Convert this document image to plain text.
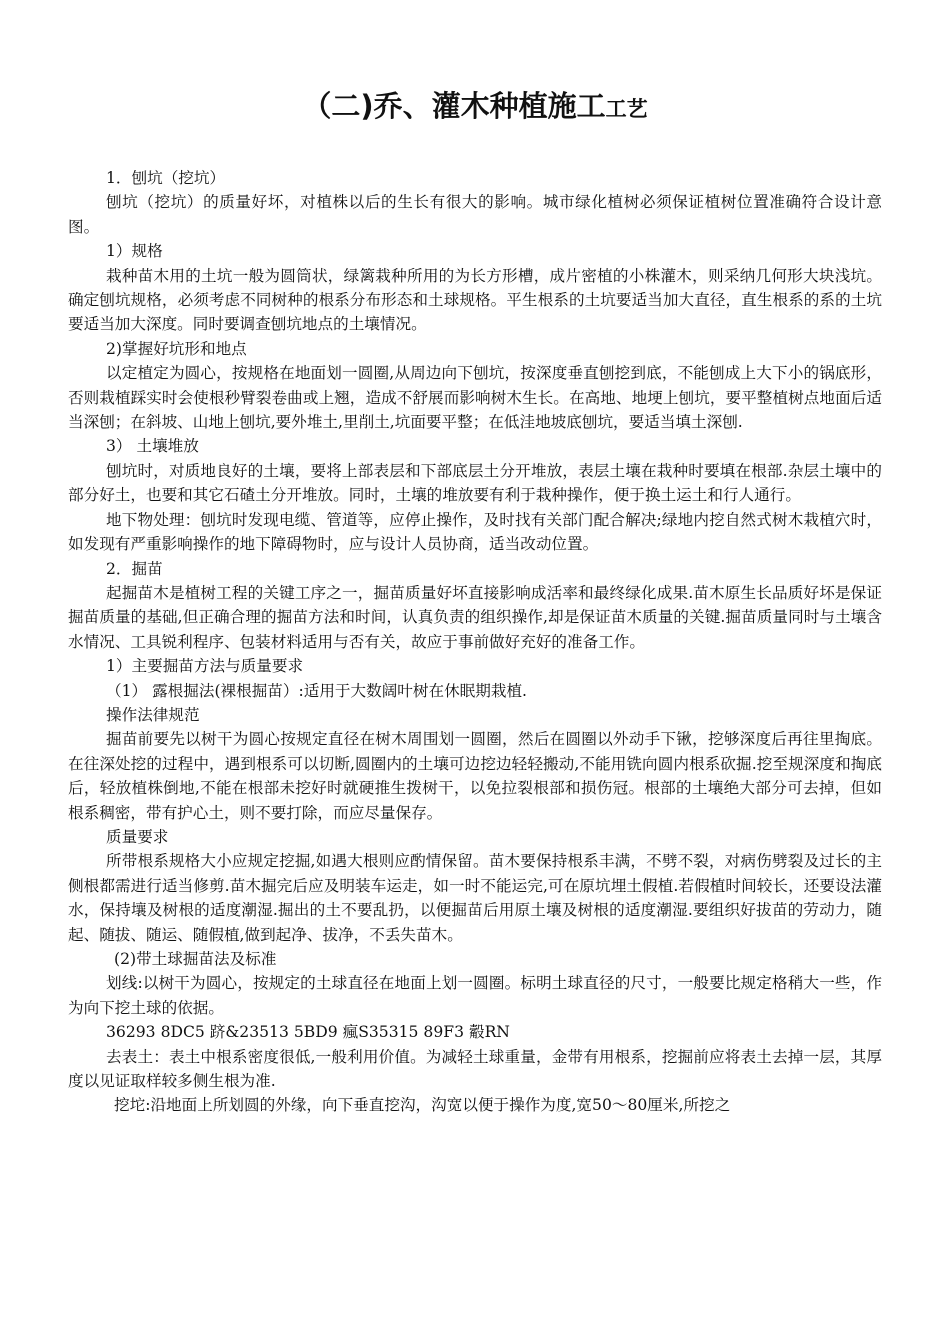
（二)乔、灌木种植施工工艺

1．刨坑（挖坑）

刨坑（挖坑）的质量好坏，对植株以后的生长有很大的影响。城市绿化植树必须保证植树位置准确符合设计意图。

1）规格

栽种苗木用的土坑一般为圆筒状，绿篱栽种所用的为长方形槽，成片密植的小株灌木，则采纳几何形大块浅坑。确定刨坑规格，必须考虑不同树种的根系分布形态和土球规格。平生根系的土坑要适当加大直径，直生根系的系的土坑要适当加大深度。同时要调查刨坑地点的土壤情况。

2)掌握好坑形和地点

以定植定为圆心，按规格在地面划一圆圈,从周边向下刨坑，按深度垂直刨挖到底，不能刨成上大下小的锅底形，否则栽植踩实时会使根秒臂裂卷曲或上翘，造成不舒展而影响树木生长。在高地、地埂上刨坑，要平整植树点地面后适当深刨；在斜坡、山地上刨坑,要外堆土,里削土,坑面要平整；在低洼地坡底刨坑，要适当填土深刨.

3） 土壤堆放

刨坑时，对质地良好的土壤，要将上部表层和下部底层土分开堆放，表层土壤在栽种时要填在根部.杂层土壤中的部分好土，也要和其它石碴土分开堆放。同时，土壤的堆放要有利于栽种操作，便于换土运土和行人通行。

地下物处理：刨坑时发现电缆、管道等，应停止操作，及时找有关部门配合解决;绿地内挖自然式树木栽植穴时，如发现有严重影响操作的地下障碍物时，应与设计人员协商，适当改动位置。

2．掘苗

起掘苗木是植树工程的关键工序之一，掘苗质量好坏直接影响成活率和最终绿化成果.苗木原生长品质好坏是保证掘苗质量的基础,但正确合理的掘苗方法和时间，认真负责的组织操作,却是保证苗木质量的关键.掘苗质量同时与土壤含水情况、工具锐利程序、包装材料适用与否有关，故应于事前做好充好的准备工作。

1）主要掘苗方法与质量要求

（1） 露根掘法(裸根掘苗）:适用于大数阔叶树在休眠期栽植.

操作法律规范

掘苗前要先以树干为圆心按规定直径在树木周围划一圆圈，然后在圆圈以外动手下锹，挖够深度后再往里掏底。在往深处挖的过程中，遇到根系可以切断,圆圈内的土壤可边挖边轻轻搬动,不能用铣向圆内根系砍掘.挖至规深度和掏底后，轻放植株倒地,不能在根部未挖好时就硬推生拨树干，以免拉裂根部和损伤冠。根部的土壤绝大部分可去掉，但如根系稠密，带有护心土，则不要打除，而应尽量保存。

质量要求

所带根系规格大小应规定挖掘,如遇大根则应酌情保留。苗木要保持根系丰满，不劈不裂，对病伤劈裂及过长的主侧根都需进行适当修剪.苗木掘完后应及明装车运走，如一时不能运完,可在原坑埋土假植.若假植时间较长，还要设法灌水，保持壤及树根的适度潮湿.掘出的土不要乱扔，以便掘苗后用原土壤及树根的适度潮湿.要组织好拔苗的劳动力，随起、随拔、随运、随假植,做到起净、拔净，不丢失苗木。

(2)带土球掘苗法及标准

划线:以树干为圆心，按规定的土球直径在地面上划一圆圈。标明土球直径的尺寸，一般要比规定格稍大一些，作为向下挖土球的依据。

36293 8DC5 跻&23513 5BD9 瘋S35315 89F3 觳RN

去表土：表土中根系密度很低,一般利用价值。为减轻土球重量，金带有用根系，挖掘前应将表土去掉一层，其厚度以见证取样较多侧生根为准.

挖坨:沿地面上所划圆的外缘，向下垂直挖沟，沟宽以便于操作为度,宽50～80厘米,所挖之
